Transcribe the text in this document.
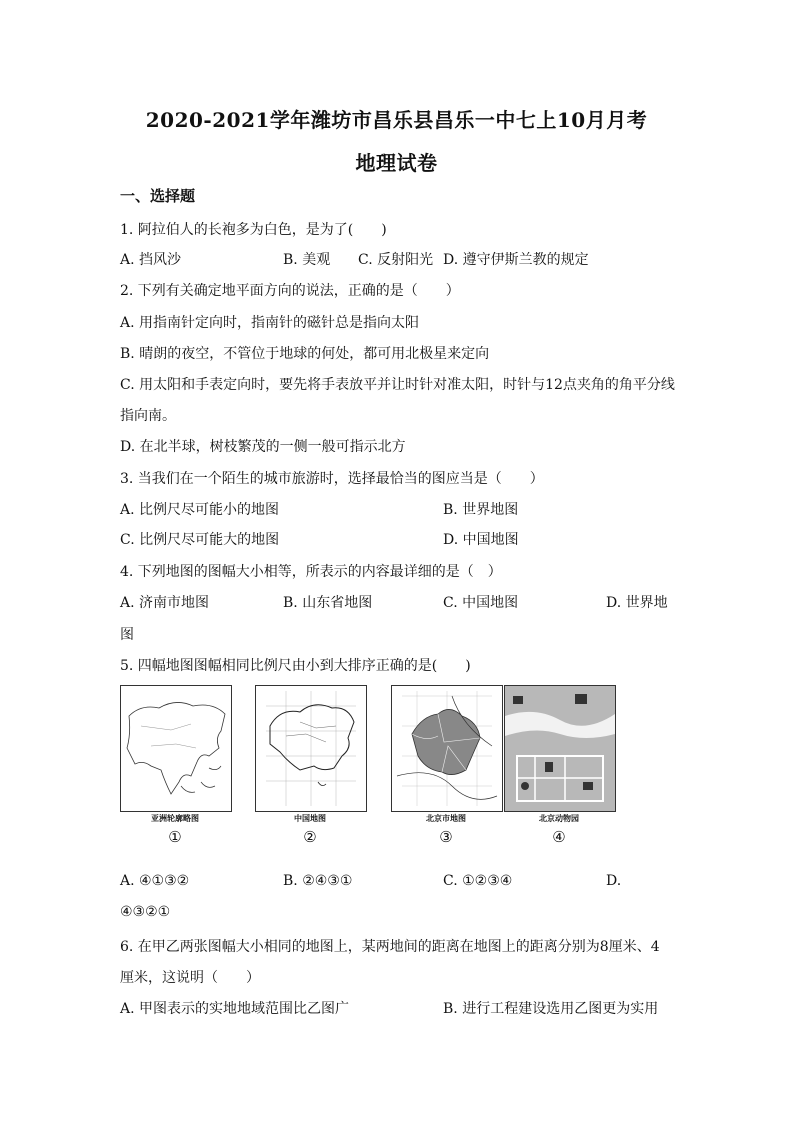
2020-2021学年潍坊市昌乐县昌乐一中七上10月月考
地理试卷
一、选择题
1. 阿拉伯人的长袍多为白色，是为了(　　)
A. 挡风沙	B. 美观 C. 反射阳光 D. 遵守伊斯兰教的规定
2. 下列有关确定地平面方向的说法，正确的是（　　）
A. 用指南针定向时，指南针的磁针总是指向太阳
B. 晴朗的夜空，不管位于地球的何处，都可用北极星来定向
C. 用太阳和手表定向时，要先将手表放平并让时针对准太阳，时针与12点夹角的角平分线
指向南。
D. 在北半球，树枝繁茂的一侧一般可指示北方
3. 当我们在一个陌生的城市旅游时，选择最恰当的图应当是（　　）
A. 比例尺尽可能小的地图	B. 世界地图
C. 比例尺尽可能大的地图	D. 中国地图
4. 下列地图的图幅大小相等，所表示的内容最详细的是（　）
A. 济南市地图	B. 山东省地图	C. 中国地图	D. 世界地
图
5. 四幅地图图幅相同比例尺由小到大排序正确的是(　　)
亚洲轮廓略图
①
中国地图
②
北京市地图
③
北京动物园
④
A. ④①③②	B. ②④③①	C. ①②③④	D.
④③②①
6. 在甲乙两张图幅大小相同的地图上，某两地间的距离在地图上的距离分别为8厘米、4
厘米，这说明（　　）
A. 甲图表示的实地地域范围比乙图广	B. 进行工程建设选用乙图更为实用
